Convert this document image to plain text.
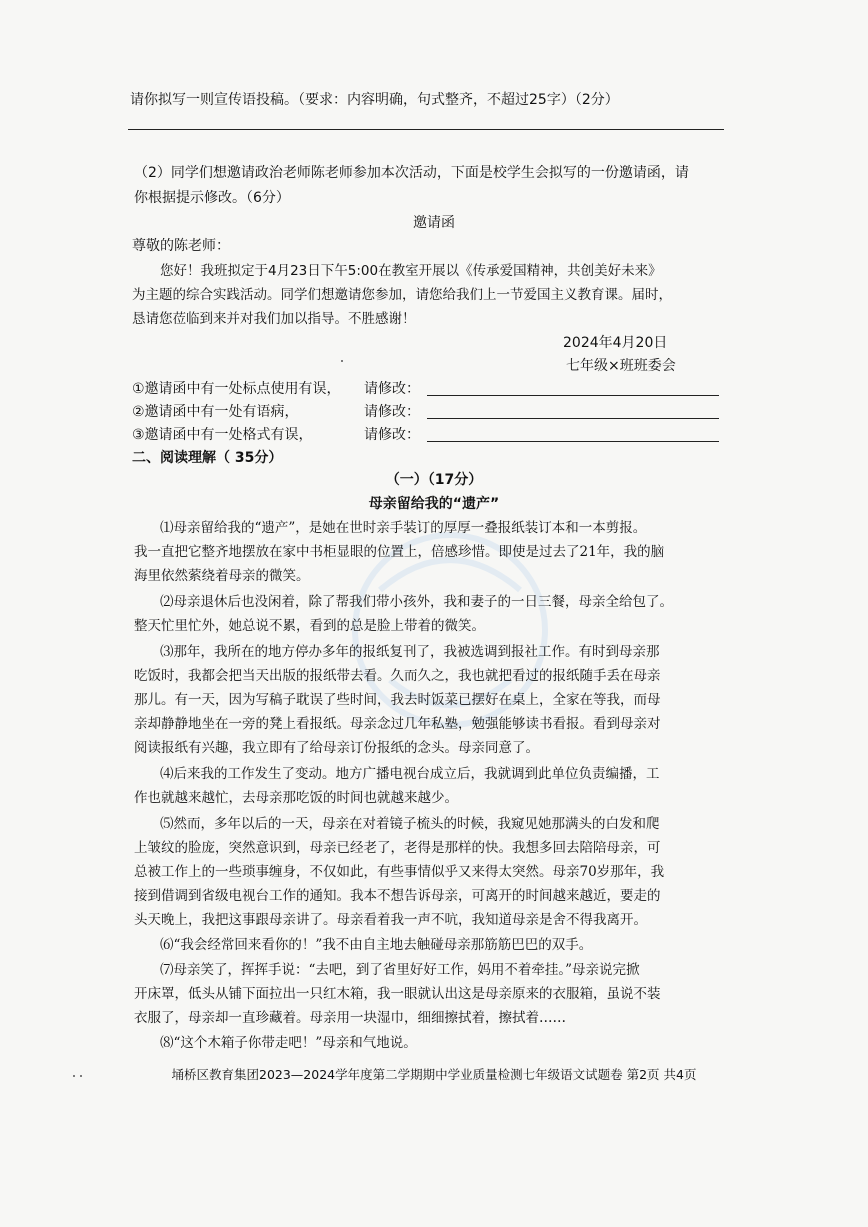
请你拟写一则宣传语投稿。（要求：内容明确，句式整齐，不超过25字）（2分）
（2）同学们想邀请政治老师陈老师参加本次活动，下面是校学生会拟写的一份邀请函，请
你根据提示修改。（6分）
邀请函
尊敬的陈老师：
您好！我班拟定于4月23日下午5:00在教室开展以《传承爱国精神，共创美好未来》
为主题的综合实践活动。同学们想邀请您参加，请您给我们上一节爱国主义教育课。届时，
恳请您莅临到来并对我们加以指导。不胜感谢！
2024年4月20日
七年级×班班委会
①邀请函中有一处标点使用有误， 请修改：
②邀请函中有一处有语病，	请修改：
③邀请函中有一处格式有误，	请修改：
二、阅读理解（ 35分）
（一）（17分）
母亲留给我的“遗产”
⑴母亲留给我的“遗产”，是她在世时亲手装订的厚厚一叠报纸装订本和一本剪报。
我一直把它整齐地摆放在家中书柜显眼的位置上，倍感珍惜。即使是过去了21年，我的脑
海里依然萦绕着母亲的微笑。
⑵母亲退休后也没闲着，除了帮我们带小孩外，我和妻子的一日三餐，母亲全给包了。
整天忙里忙外，她总说不累，看到的总是脸上带着的微笑。
⑶那年，我所在的地方停办多年的报纸复刊了，我被选调到报社工作。有时到母亲那
吃饭时，我都会把当天出版的报纸带去看。久而久之，我也就把看过的报纸随手丢在母亲
那儿。有一天，因为写稿子耽误了些时间，我去时饭菜已摆好在桌上，全家在等我，而母
亲却静静地坐在一旁的凳上看报纸。母亲念过几年私塾，勉强能够读书看报。看到母亲对
阅读报纸有兴趣，我立即有了给母亲订份报纸的念头。母亲同意了。
⑷后来我的工作发生了变动。地方广播电视台成立后，我就调到此单位负责编播，工
作也就越来越忙，去母亲那吃饭的时间也就越来越少。
⑸然而，多年以后的一天，母亲在对着镜子梳头的时候，我窥见她那满头的白发和爬
上皱纹的脸庞，突然意识到，母亲已经老了，老得是那样的快。我想多回去陪陪母亲，可
总被工作上的一些琐事缠身，不仅如此，有些事情似乎又来得太突然。母亲70岁那年，我
接到借调到省级电视台工作的通知。我本不想告诉母亲，可离开的时间越来越近，要走的
头天晚上，我把这事跟母亲讲了。母亲看着我一声不吭，我知道母亲是舍不得我离开。
⑹“我会经常回来看你的！”我不由自主地去触碰母亲那筋筋巴巴的双手。
⑺母亲笑了，挥挥手说：“去吧，到了省里好好工作，妈用不着牵挂。”母亲说完掀
开床罩，低头从铺下面拉出一只红木箱，我一眼就认出这是母亲原来的衣服箱，虽说不装
衣服了，母亲却一直珍藏着。母亲用一块湿巾，细细擦拭着，擦拭着……
⑻“这个木箱子你带走吧！”母亲和气地说。
埇桥区教育集团2023—2024学年度第二学期期中学业质量检测七年级语文试题卷 第2页 共4页
